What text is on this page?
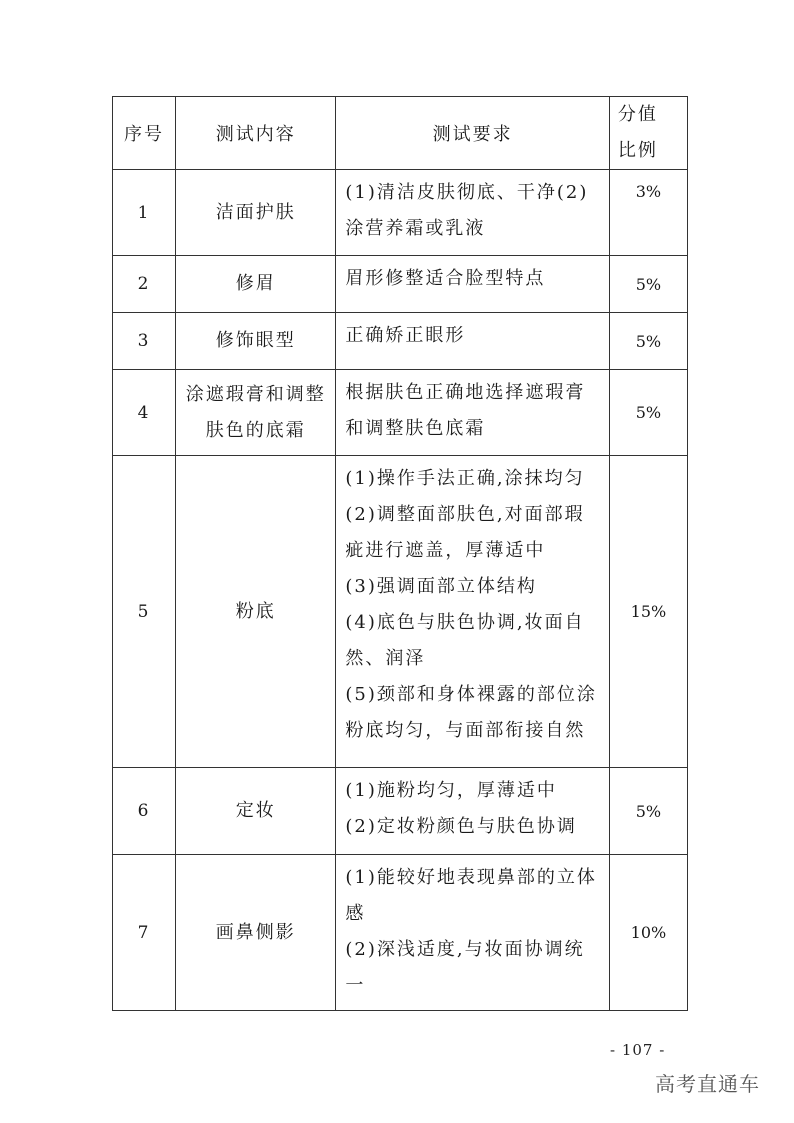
序号	测试内容	测试要求	分值
比例
1	洁面护肤	(1)清洁皮肤彻底、干净(2)涂营养霜或乳液	3%
2	修眉	眉形修整适合脸型特点	5%
3	修饰眼型	正确矫正眼形	5%
4	涂遮瑕膏和调整肤色的底霜	根据肤色正确地选择遮瑕膏和调整肤色底霜	5%
5	粉底	(1)操作手法正确,涂抹均匀
(2)调整面部肤色,对面部瑕疵进行遮盖，厚薄适中
(3)强调面部立体结构
(4)底色与肤色协调,妆面自然、润泽
(5)颈部和身体裸露的部位涂粉底均匀，与面部衔接自然	15%
6	定妆	(1)施粉均匀，厚薄适中
(2)定妆粉颜色与肤色协调	5%
7	画鼻侧影	(1)能较好地表现鼻部的立体感
(2)深浅适度,与妆面协调统一	10%
- 107 -
高考直通车
